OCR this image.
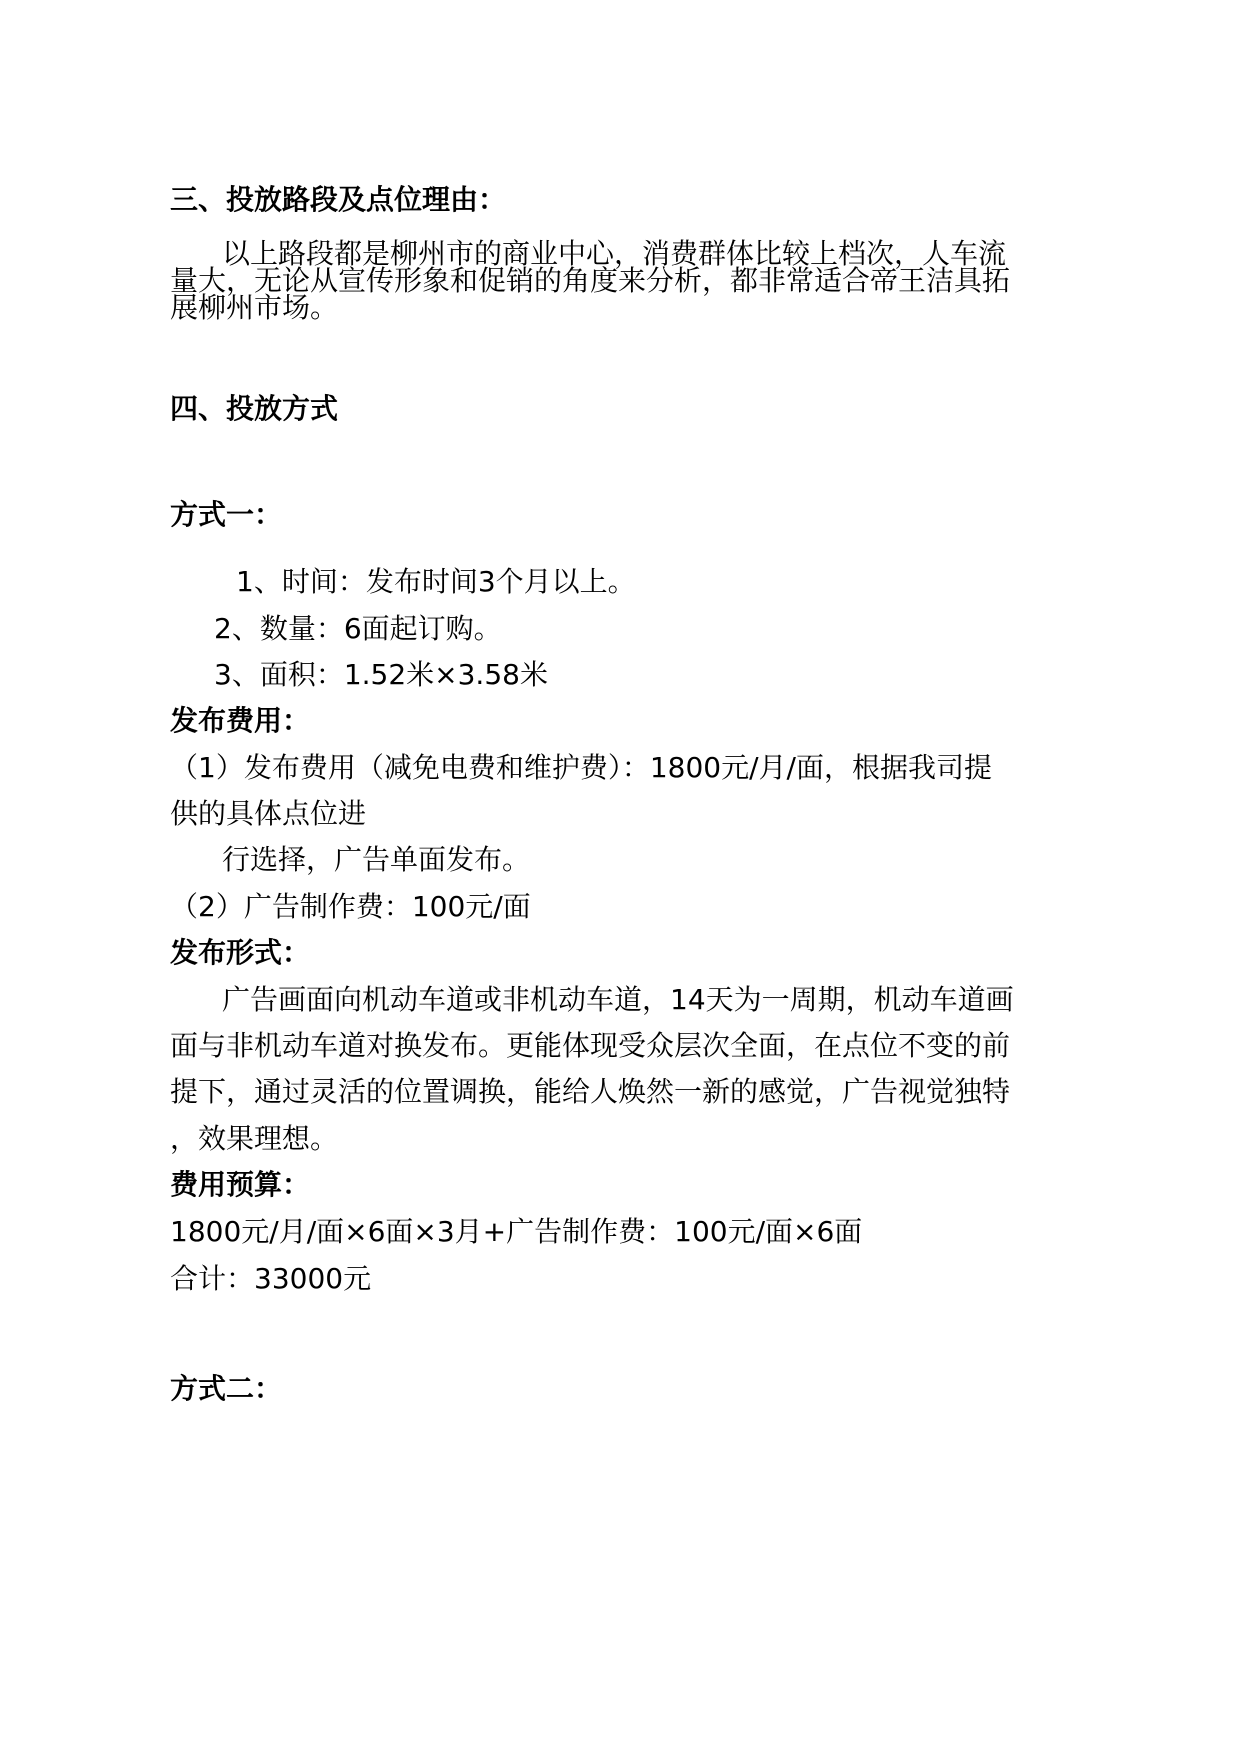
三、投放路段及点位理由：
以上路段都是柳州市的商业中心，消费群体比较上档次，人车流
量大，无论从宣传形象和促销的角度来分析，都非常适合帝王洁具拓
展柳州市场。
四、投放方式
方式一：
1、时间：发布时间3个月以上。
2、数量：6面起订购。
3、面积：1.52米×3.58米
发布费用：
（1）发布费用（减免电费和维护费）：1800元/月/面，根据我司提
供的具体点位进
行选择，广告单面发布。
（2）广告制作费：100元/面
发布形式：
广告画面向机动车道或非机动车道，14天为一周期，机动车道画
面与非机动车道对换发布。更能体现受众层次全面，在点位不变的前
提下，通过灵活的位置调换，能给人焕然一新的感觉，广告视觉独特
，效果理想。
费用预算：
1800元/月/面×6面×3月+广告制作费：100元/面×6面
合计：33000元
方式二：
